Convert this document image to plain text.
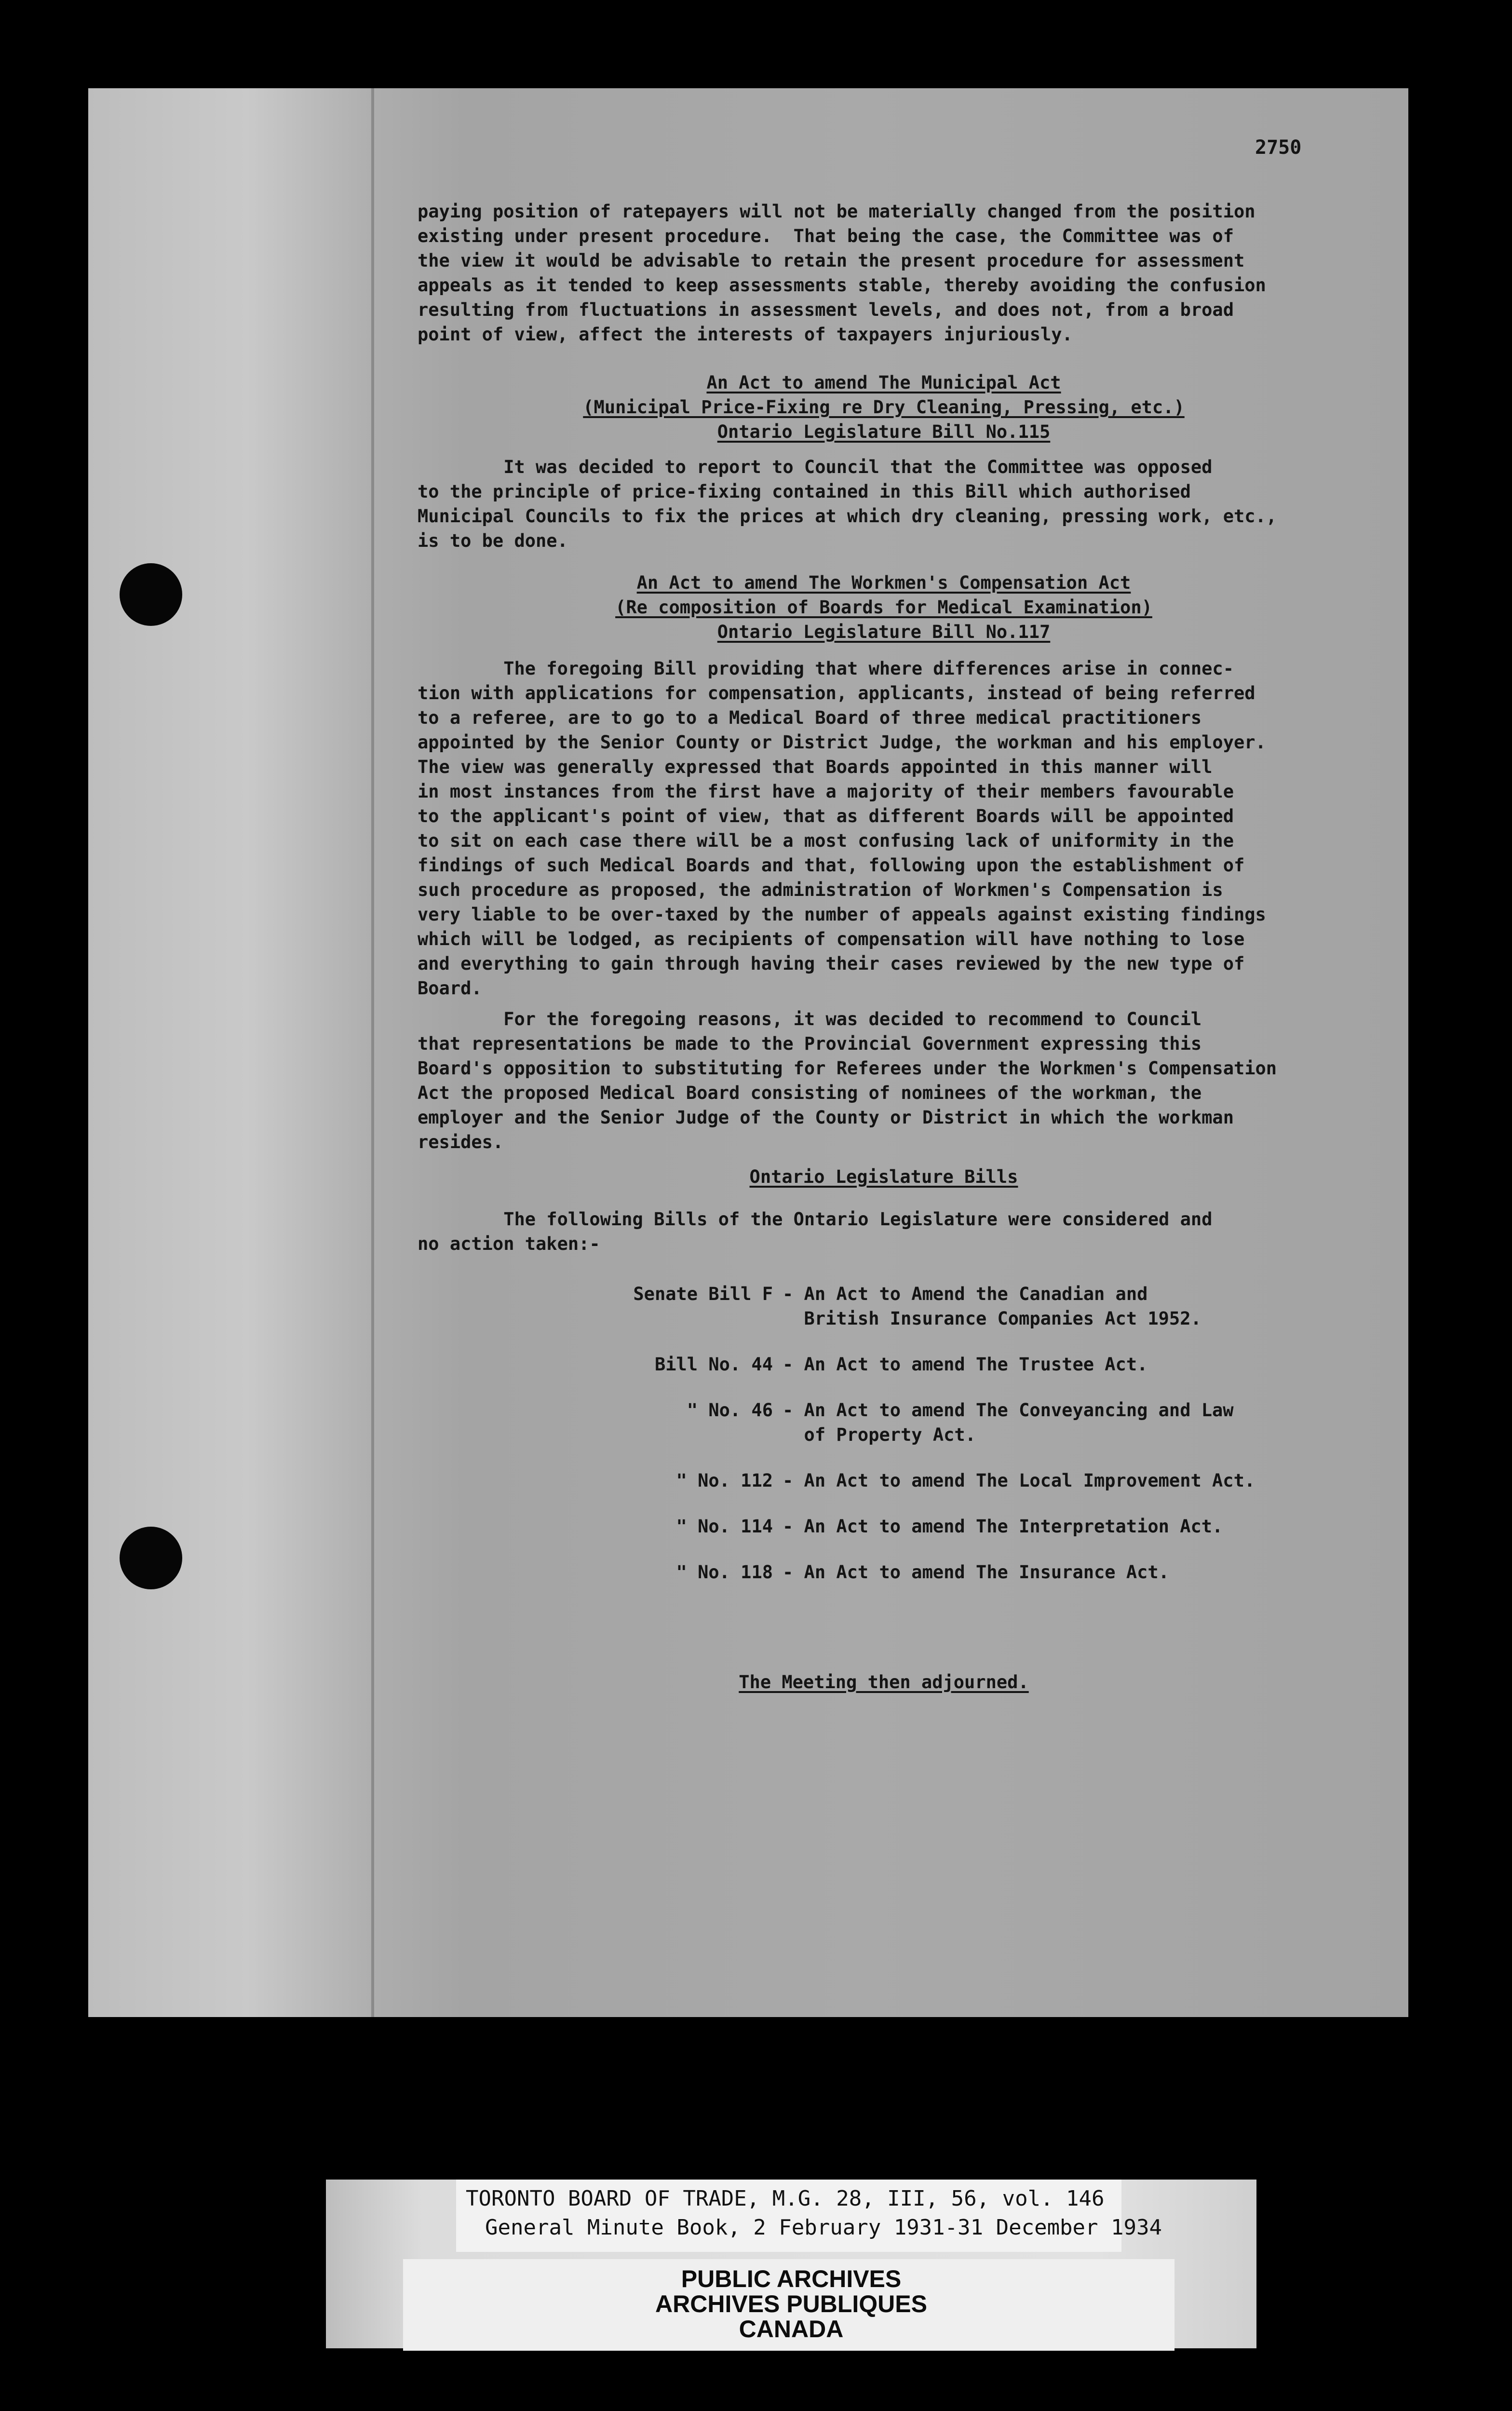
2750
paying position of ratepayers will not be materially changed from the position
existing under present procedure.  That being the case, the Committee was of
the view it would be advisable to retain the present procedure for assessment
appeals as it tended to keep assessments stable, thereby avoiding the confusion
resulting from fluctuations in assessment levels, and does not, from a broad
point of view, affect the interests of taxpayers injuriously.
An Act to amend The Municipal Act
(Municipal Price-Fixing re Dry Cleaning, Pressing, etc.)
Ontario Legislature Bill No.115
It was decided to report to Council that the Committee was opposed
to the principle of price-fixing contained in this Bill which authorised
Municipal Councils to fix the prices at which dry cleaning, pressing work, etc.,
is to be done.
An Act to amend The Workmen's Compensation Act
(Re composition of Boards for Medical Examination)
Ontario Legislature Bill No.117
The foregoing Bill providing that where differences arise in connec-
tion with applications for compensation, applicants, instead of being referred
to a referee, are to go to a Medical Board of three medical practitioners
appointed by the Senior County or District Judge, the workman and his employer.
The view was generally expressed that Boards appointed in this manner will
in most instances from the first have a majority of their members favourable
to the applicant's point of view, that as different Boards will be appointed
to sit on each case there will be a most confusing lack of uniformity in the
findings of such Medical Boards and that, following upon the establishment of
such procedure as proposed, the administration of Workmen's Compensation is
very liable to be over-taxed by the number of appeals against existing findings
which will be lodged, as recipients of compensation will have nothing to lose
and everything to gain through having their cases reviewed by the new type of
Board.
For the foregoing reasons, it was decided to recommend to Council
that representations be made to the Provincial Government expressing this
Board's opposition to substituting for Referees under the Workmen's Compensation
Act the proposed Medical Board consisting of nominees of the workman, the
employer and the Senior Judge of the County or District in which the workman
resides.
Ontario Legislature Bills
The following Bills of the Ontario Legislature were considered and
no action taken:-
Senate Bill F - An Act to Amend the Canadian and
British Insurance Companies Act 1952.
Bill No. 44 - An Act to amend The Trustee Act.
" No. 46 - An Act to amend The Conveyancing and Law
of Property Act.
" No. 112 - An Act to amend The Local Improvement Act.
" No. 114 - An Act to amend The Interpretation Act.
" No. 118 - An Act to amend The Insurance Act.
The Meeting then adjourned.
TORONTO BOARD OF TRADE, M.G. 28, III, 56, vol. 146
General Minute Book, 2 February 1931-31 December 1934
PUBLIC ARCHIVES
ARCHIVES PUBLIQUES
CANADA
